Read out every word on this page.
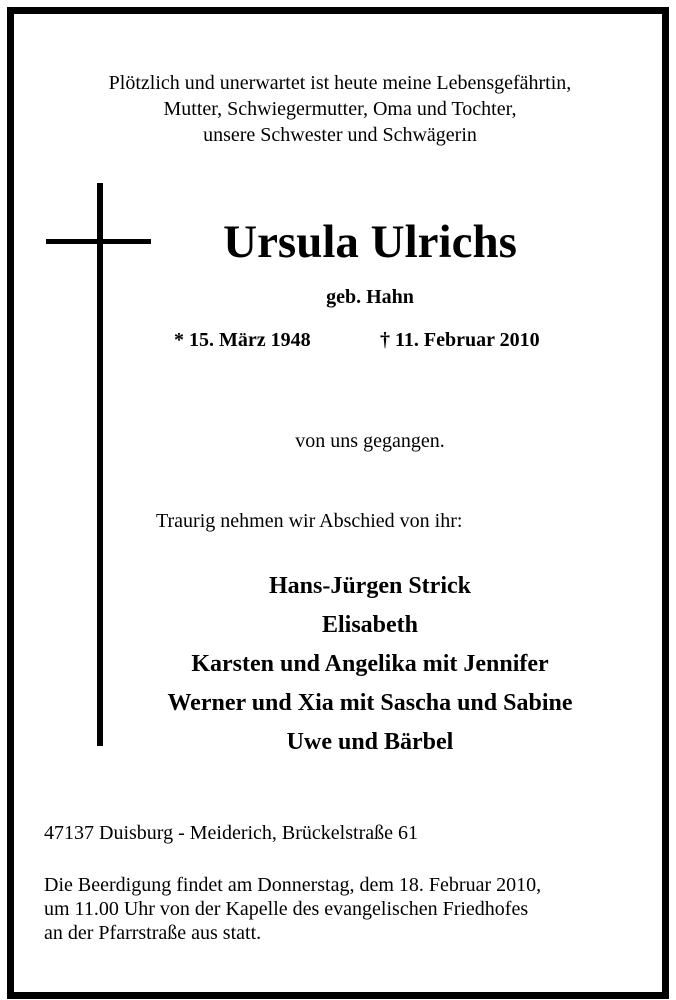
Plötzlich und unerwartet ist heute meine Lebensgefährtin,
Mutter, Schwiegermutter, Oma und Tochter,
unsere Schwester und Schwägerin
Ursula Ulrichs
geb. Hahn
* 15. März 1948	† 11. Februar 2010
von uns gegangen.
Traurig nehmen wir Abschied von ihr:
Hans-Jürgen Strick
Elisabeth
Karsten und Angelika mit Jennifer
Werner und Xia mit Sascha und Sabine
Uwe und Bärbel
47137 Duisburg - Meiderich, Brückelstraße 61
Die Beerdigung findet am Donnerstag, dem 18. Februar 2010,
um 11.00 Uhr von der Kapelle des evangelischen Friedhofes
an der Pfarrstraße aus statt.
